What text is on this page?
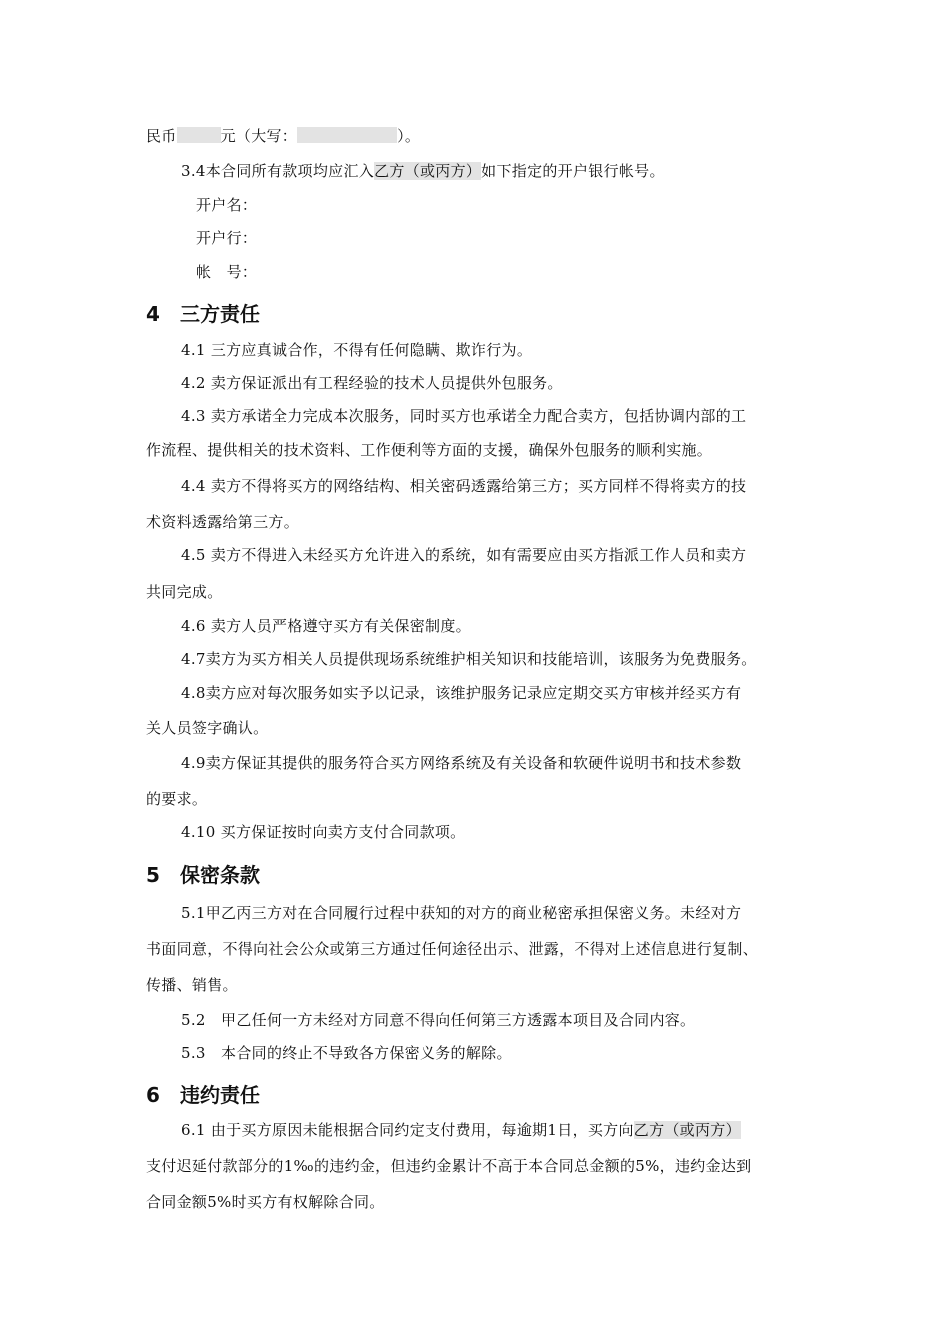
民币	元（大写：	）。
3.4本合同所有款项均应汇入乙方（或丙方）如下指定的开户银行帐号。
开户名：
开户行：
帐　号：
4 三方责任
4.1 三方应真诚合作，不得有任何隐瞒、欺诈行为。
4.2 卖方保证派出有工程经验的技术人员提供外包服务。
4.3 卖方承诺全力完成本次服务，同时买方也承诺全力配合卖方，包括协调内部的工
作流程、提供相关的技术资料、工作便利等方面的支援，确保外包服务的顺利实施。
4.4 卖方不得将买方的网络结构、相关密码透露给第三方；买方同样不得将卖方的技
术资料透露给第三方。
4.5 卖方不得进入未经买方允许进入的系统，如有需要应由买方指派工作人员和卖方
共同完成。
4.6 卖方人员严格遵守买方有关保密制度。
4.7卖方为买方相关人员提供现场系统维护相关知识和技能培训，该服务为免费服务。
4.8卖方应对每次服务如实予以记录，该维护服务记录应定期交买方审核并经买方有
关人员签字确认。
4.9卖方保证其提供的服务符合买方网络系统及有关设备和软硬件说明书和技术参数
的要求。
4.10 买方保证按时向卖方支付合同款项。
5 保密条款
5.1甲乙丙三方对在合同履行过程中获知的对方的商业秘密承担保密义务。未经对方
书面同意，不得向社会公众或第三方通过任何途径出示、泄露，不得对上述信息进行复制、
传播、销售。
5.2　甲乙任何一方未经对方同意不得向任何第三方透露本项目及合同内容。
5.3　本合同的终止不导致各方保密义务的解除。
6 违约责任
6.1 由于买方原因未能根据合同约定支付费用，每逾期1日，买方向乙方（或丙方）
支付迟延付款部分的1‰的违约金，但违约金累计不高于本合同总金额的5%，违约金达到
合同金额5%时买方有权解除合同。
